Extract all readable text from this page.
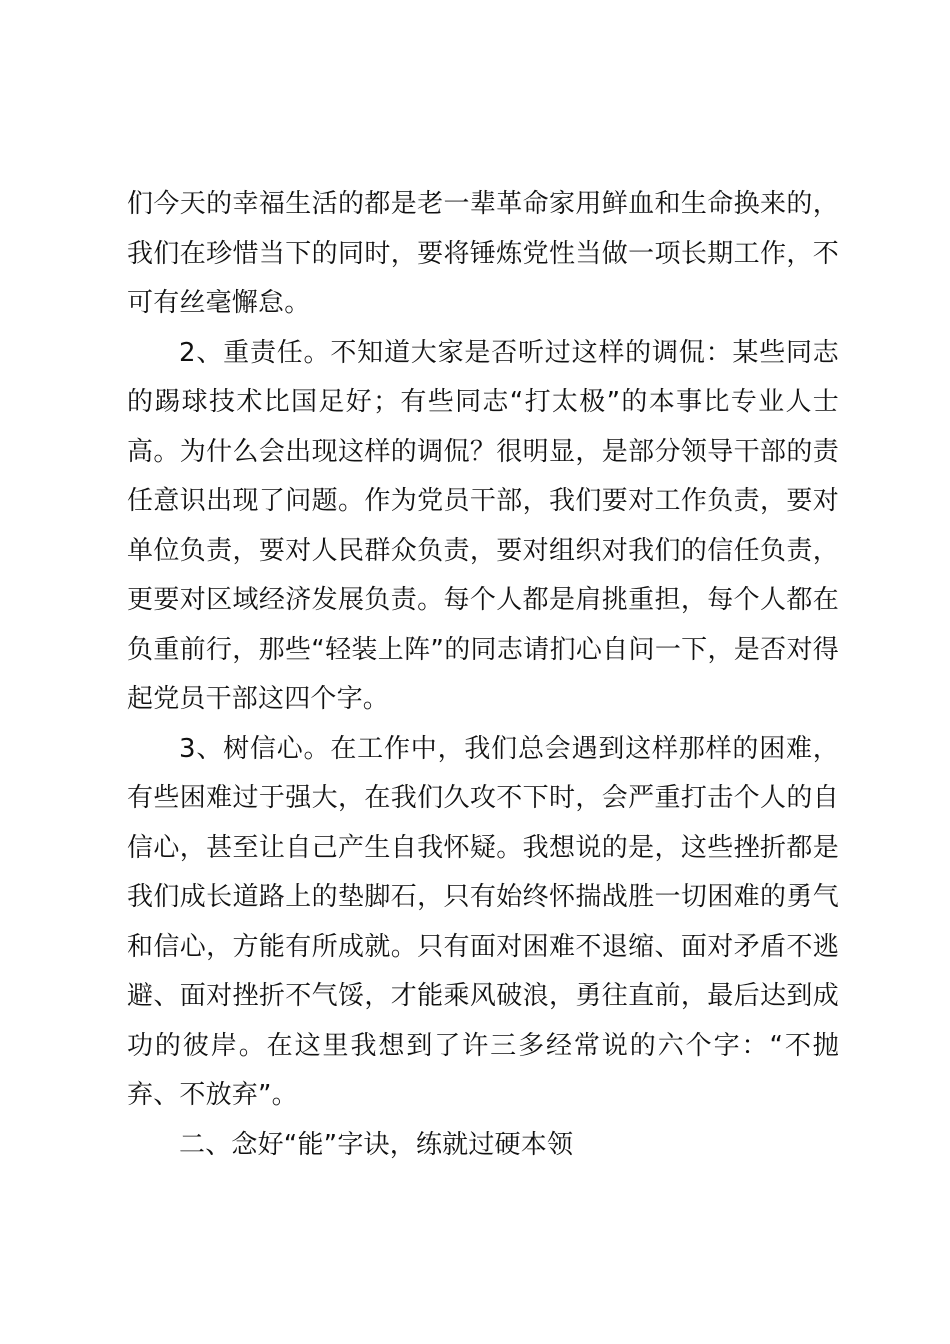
们今天的幸福生活的都是老一辈革命家用鲜血和生命换来的，我们在珍惜当下的同时，要将锤炼党性当做一项长期工作，不可有丝毫懈怠。

2、重责任。不知道大家是否听过这样的调侃：某些同志的踢球技术比国足好；有些同志“打太极”的本事比专业人士高。为什么会出现这样的调侃？很明显，是部分领导干部的责任意识出现了问题。作为党员干部，我们要对工作负责，要对单位负责，要对人民群众负责，要对组织对我们的信任负责，更要对区域经济发展负责。每个人都是肩挑重担，每个人都在负重前行，那些“轻装上阵”的同志请扪心自问一下，是否对得起党员干部这四个字。

3、树信心。在工作中，我们总会遇到这样那样的困难，有些困难过于强大，在我们久攻不下时，会严重打击个人的自信心，甚至让自己产生自我怀疑。我想说的是，这些挫折都是我们成长道路上的垫脚石，只有始终怀揣战胜一切困难的勇气和信心，方能有所成就。只有面对困难不退缩、面对矛盾不逃避、面对挫折不气馁，才能乘风破浪，勇往直前，最后达到成功的彼岸。在这里我想到了许三多经常说的六个字：“不抛弃、不放弃”。

二、念好“能”字诀，练就过硬本领
